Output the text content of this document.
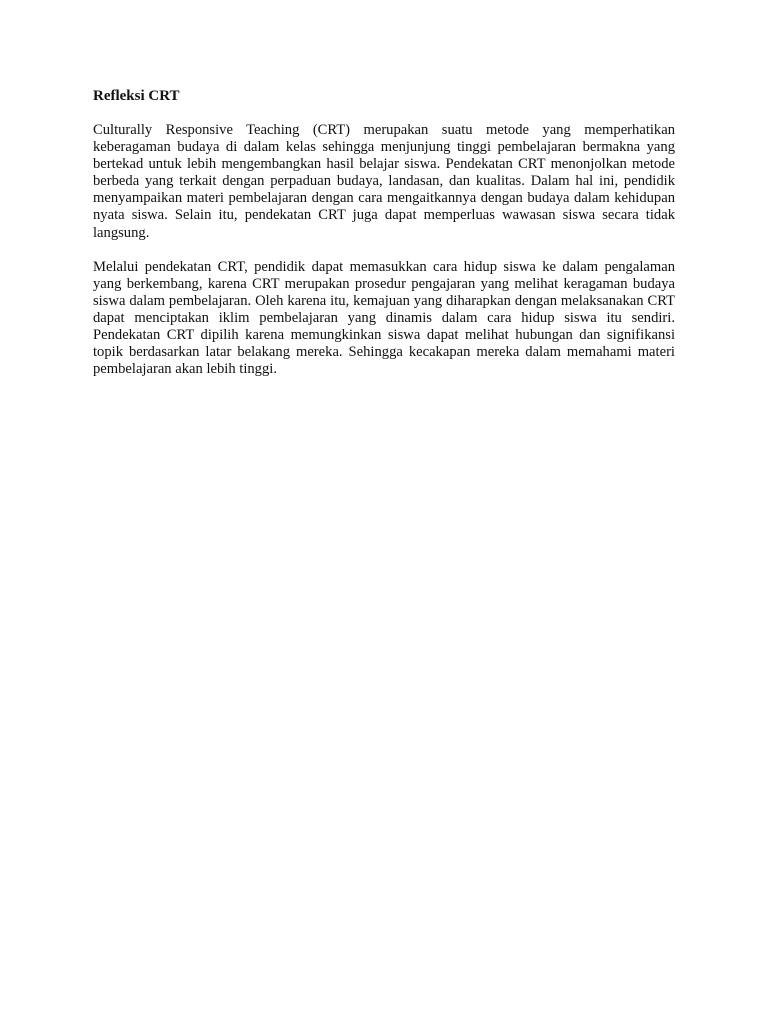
Refleksi CRT

Culturally Responsive Teaching (CRT) merupakan suatu metode yang memperhatikan keberagaman budaya di dalam kelas sehingga menjunjung tinggi pembelajaran bermakna yang bertekad untuk lebih mengembangkan hasil belajar siswa. Pendekatan CRT menonjolkan metode berbeda yang terkait dengan perpaduan budaya, landasan, dan kualitas. Dalam hal ini, pendidik menyampaikan materi pembelajaran dengan cara mengaitkannya dengan budaya dalam kehidupan nyata siswa. Selain itu, pendekatan CRT juga dapat memperluas wawasan siswa secara tidak langsung.

Melalui pendekatan CRT, pendidik dapat memasukkan cara hidup siswa ke dalam pengalaman yang berkembang, karena CRT merupakan prosedur pengajaran yang melihat keragaman budaya siswa dalam pembelajaran. Oleh karena itu, kemajuan yang diharapkan dengan melaksanakan CRT dapat menciptakan iklim pembelajaran yang dinamis dalam cara hidup siswa itu sendiri. Pendekatan CRT dipilih karena memungkinkan siswa dapat melihat hubungan dan signifikansi topik berdasarkan latar belakang mereka. Sehingga kecakapan mereka dalam memahami materi pembelajaran akan lebih tinggi.
